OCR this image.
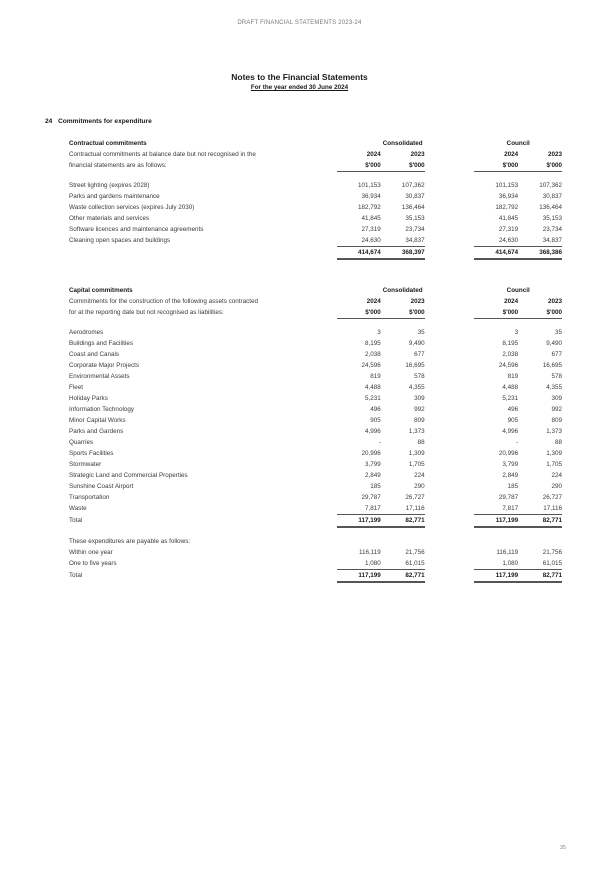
DRAFT FINANCIAL STATEMENTS 2023-24
Notes to the Financial Statements
For the year ended 30 June 2024
24 Commitments for expenditure
Contractual commitments	Consolidated				Council	
Contractual commitments at balance date but not recognised in the	2024	2023			2024	2023
financial statements are as follows:	$'000	$'000			$'000	$'000

Street lighting (expires 2028)	101,153	107,362			101,153	107,362
Parks and gardens maintenance	36,934	30,837			36,934	30,837
Waste collection services (expires July 2030)	182,792	136,464			182,792	136,464
Other materials and services	41,845	35,153			41,845	35,153
Software licences and maintenance agreements	27,319	23,734			27,319	23,734
Cleaning open spaces and buildings	24,630	34,837			24,630	34,837
	414,674	368,397			414,674	368,386
Capital commitments	Consolidated				Council	
Commitments for the construction of the following assets contracted	2024	2023			2024	2023
for at the reporting date but not recognised as liabilities:	$'000	$'000			$'000	$'000

Aerodromes	3	35			3	35
Buildings and Facilities	8,195	9,490			8,195	9,490
Coast and Canals	2,038	677			2,038	677
Corporate Major Projects	24,596	16,695			24,596	16,695
Environmental Assets	819	578			819	578
Fleet	4,488	4,355			4,488	4,355
Holiday Parks	5,231	309			5,231	309
Information Technology	496	992			496	992
Minor Capital Works	905	809			905	809
Parks and Gardens	4,996	1,373			4,996	1,373
Quarries	-	88			-	88
Sports Facilities	20,996	1,309			20,996	1,309
Stormwater	3,799	1,705			3,799	1,705
Strategic Land and Commercial Properties	2,849	224			2,849	224
Sunshine Coast Airport	185	290			185	290
Transportation	29,787	26,727			29,787	26,727
Waste	7,817	17,116			7,817	17,116
Total	117,199	82,771			117,199	82,771

These expenditures are payable as follows:						
Within one year	116,119	21,756			116,119	21,756
One to five years	1,080	61,015			1,080	61,015
Total	117,199	82,771			117,199	82,771
35
